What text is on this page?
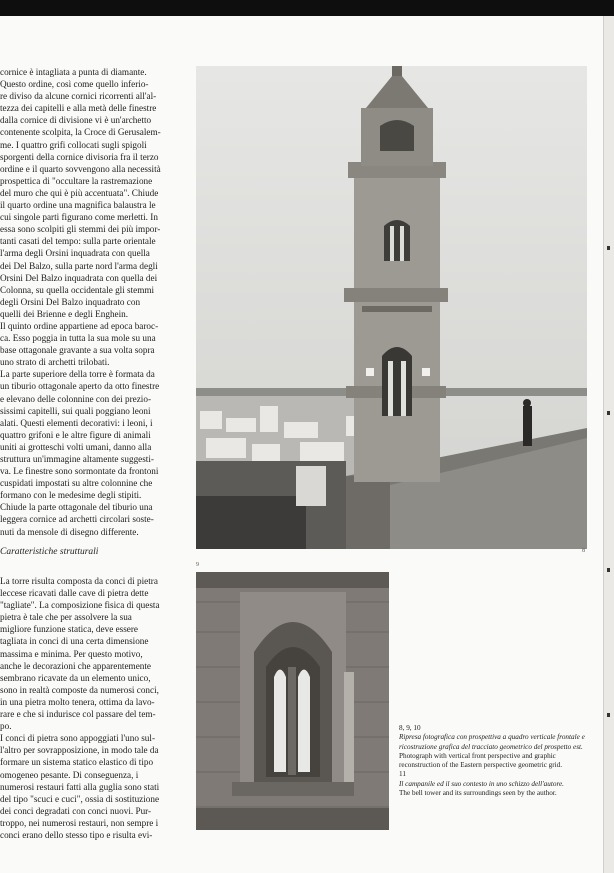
cornice è intagliata a punta di diamante.

Questo ordine, così come quello inferio-

re diviso da alcune cornici ricorrenti all'al-

tezza dei capitelli e alla metà delle finestre

dalla cornice di divisione vi è un'archetto

contenente scolpita, la Croce di Gerusalem-

me. I quattro grifi collocati sugli spigoli

sporgenti della cornice divisoria fra il terzo

ordine e il quarto sovvengono alla necessità

prospettica di "occultare la rastremazione

del muro che qui è più accentuata". Chiude

il quarto ordine una magnifica balaustra le

cui singole parti figurano come merletti. In

essa sono scolpiti gli stemmi dei più impor-

tanti casati del tempo: sulla parte orientale

l'arma degli Orsini inquadrata con quella

dei Del Balzo, sulla parte nord l'arma degli

Orsini Del Balzo inquadrata con quella dei

Colonna, su quella occidentale gli stemmi

degli Orsini Del Balzo inquadrato con

quelli dei Brienne e degli Enghein.

Il quinto ordine appartiene ad epoca baroc-

ca. Esso poggia in tutta la sua mole su una

base ottagonale gravante a sua volta sopra

uno strato di archetti trilobati.

La parte superiore della torre è formata da

un tiburio ottagonale aperto da otto finestre

e elevano delle colonnine con dei prezio-

sissimi capitelli, sui quali poggiano leoni

alati. Questi elementi decorativi: i leoni, i

quattro grifoni e le altre figure di animali

uniti ai grotteschi volti umani, danno alla

struttura un'immagine altamente suggesti-

va. Le finestre sono sormontate da frontoni

cuspidati impostati su altre colonnine che

formano con le medesime degli stipiti.

Chiude la parte ottagonale del tiburio una

leggera cornice ad archetti circolari soste-

nuti da mensole di disegno differente.

Caratteristiche strutturali

La torre risulta composta da conci di pietra

leccese ricavati dalle cave di pietra dette

"tagliate". La composizione fisica di questa

pietra è tale che per assolvere la sua

migliore funzione statica, deve essere

tagliata in conci di una certa dimensione

massima e minima. Per questo motivo,

anche le decorazioni che apparentemente

sembrano ricavate da un elemento unico,

sono in realtà composte da numerosi conci,

in una pietra molto tenera, ottima da lavo-

rare e che si indurisce col passare del tem-

po.

I conci di pietra sono appoggiati l'uno sul-

l'altro per sovrapposizione, in modo tale da

formare un sistema statico elastico di tipo

omogeneo pesante. Di conseguenza, i

numerosi restauri fatti alla guglia sono stati

del tipo "scuci e cuci", ossia di sostituzione

dei conci degradati con conci nuovi. Pur-

troppo, nei numerosi restauri, non sempre i

conci erano dello stesso tipo e risulta evi-

9
8

8, 9, 10

Ripresa fotografica con prospettiva a quadro verticale frontale e ricostruzione grafica del tracciato geometrico del prospetto est.

Photograph with vertical front perspective and graphic reconstruction of the Eastern perspective geometric grid.

11

Il campanile ed il suo contesto in uno schizzo dell'autore.

The bell tower and its surroundings seen by the author.
